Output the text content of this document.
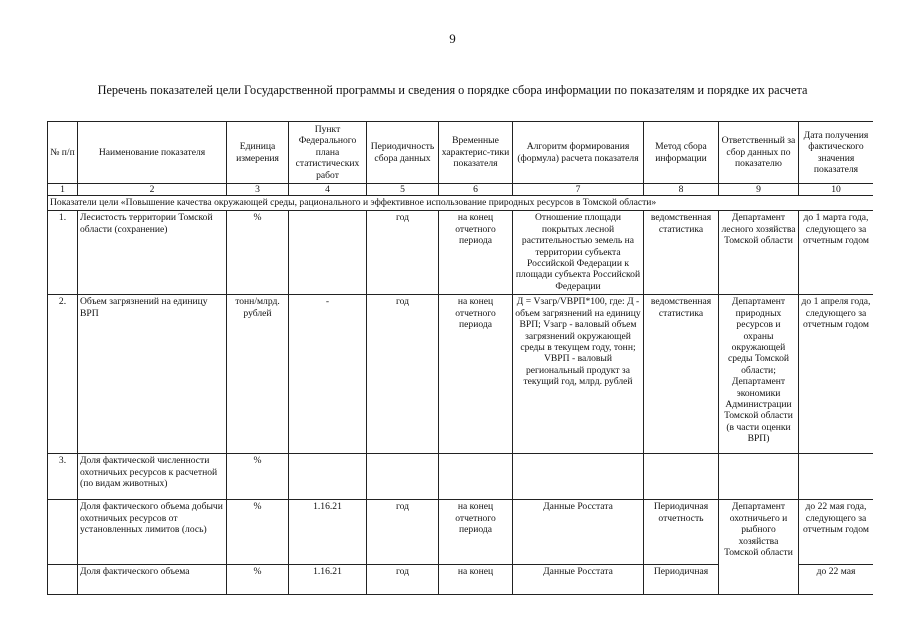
9
Перечень показателей цели Государственной программы и сведения о порядке сбора информации по показателям и порядке их расчета
№ п/п	Наименование показателя	Единица измерения	Пункт Федерального плана статистических работ	Периодичность сбора данных	Временные характерис-тики показателя	Алгоритм формирования (формула) расчета показателя	Метод сбора информации	Ответственный за сбор данных по показателю	Дата получения фактического значения показателя
1	2	3	4	5	6	7	8	9	10
Показатели цели «Повышение качества окружающей среды, рационального и эффективное использование природных ресурсов в Томской области»									
1.	Лесистость территории Томской области (сохранение)	%		год	на конец отчетного периода	Отношение площади покрытых лесной растительностью земель на территории субъекта Российской Федерации к площади субъекта Российской Федерации	ведомственная статистика	Департамент лесного хозяйства Томской области	до 1 марта года, следующего за отчетным годом
2.	Объем загрязнений на единицу ВРП	тонн/млрд. рублей	-	год	на конец отчетного периода	Д = Vзагр/VВРП*100, где: Д - объем загрязнений на единицу ВРП; Vзагр - валовый объем загрязнений окружающей среды в текущем году, тонн; VВРП - валовый региональный продукт за текущий год, млрд. рублей	ведомственная статистика	Департамент природных ресурсов и охраны окружающей среды Томской области; Департамент экономики Администрации Томской области (в части оценки ВРП)	до 1 апреля года, следующего за отчетным годом
3.	Доля фактической численности охотничьих ресурсов к расчетной (по видам животных)	%							
	Доля фактического объема добычи охотничьих ресурсов от установленных лимитов (лось)	%	1.16.21	год	на конец отчетного периода	Данные Росстата	Периодичная отчетность	Департамент охотничьего и рыбного хозяйства Томской области	до 22 мая года, следующего за отчетным годом
	Доля фактического объема	%	1.16.21	год	на конец	Данные Росстата	Периодичная		до 22 мая
